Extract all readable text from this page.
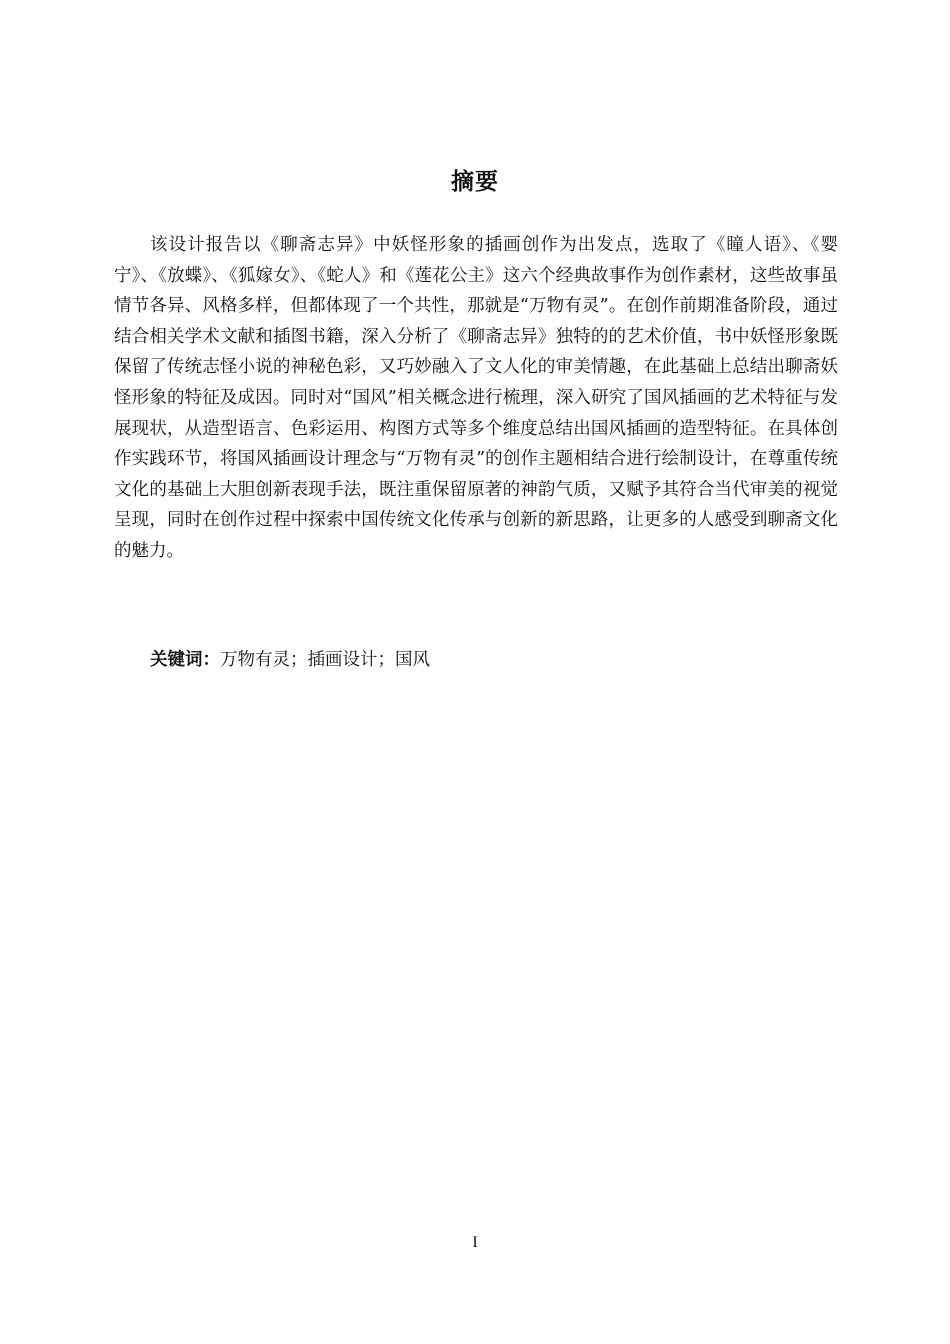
摘要

该设计报告以《聊斋志异》中妖怪形象的插画创作为出发点，选取了《瞳人语》、《婴宁》、《放蝶》、《狐嫁女》、《蛇人》和《莲花公主》这六个经典故事作为创作素材，这些故事虽情节各异、风格多样，但都体现了一个共性，那就是“万物有灵”。在创作前期准备阶段，通过结合相关学术文献和插图书籍，深入分析了《聊斋志异》独特的的艺术价值，书中妖怪形象既保留了传统志怪小说的神秘色彩，又巧妙融入了文人化的审美情趣，在此基础上总结出聊斋妖怪形象的特征及成因。同时对“国风”相关概念进行梳理，深入研究了国风插画的艺术特征与发展现状，从造型语言、色彩运用、构图方式等多个维度总结出国风插画的造型特征。在具体创作实践环节，将国风插画设计理念与“万物有灵”的创作主题相结合进行绘制设计，在尊重传统文化的基础上大胆创新表现手法，既注重保留原著的神韵气质，又赋予其符合当代审美的视觉呈现，同时在创作过程中探索中国传统文化传承与创新的新思路，让更多的人感受到聊斋文化的魅力。

关键词：万物有灵；插画设计；国风
I
